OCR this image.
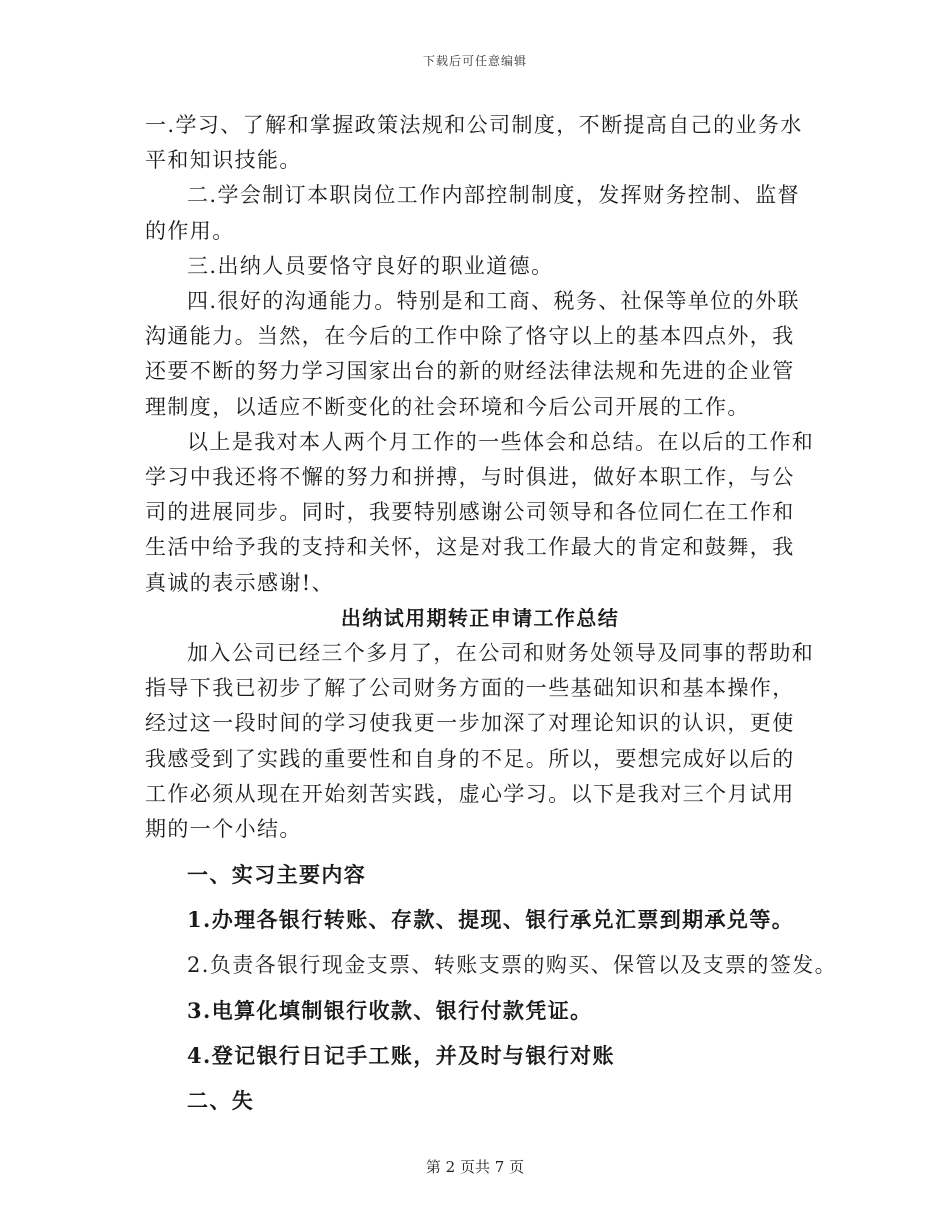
下载后可任意编辑

一.学习、了解和掌握政策法规和公司制度，不断提高自己的业务水平和知识技能。

二.学会制订本职岗位工作内部控制制度，发挥财务控制、监督的作用。

三.出纳人员要恪守良好的职业道德。

四.很好的沟通能力。特别是和工商、税务、社保等单位的外联沟通能力。当然，在今后的工作中除了恪守以上的基本四点外，我还要不断的努力学习国家出台的新的财经法律法规和先进的企业管理制度，以适应不断变化的社会环境和今后公司开展的工作。

以上是我对本人两个月工作的一些体会和总结。在以后的工作和学习中我还将不懈的努力和拼搏，与时俱进，做好本职工作，与公司的进展同步。同时，我要特别感谢公司领导和各位同仁在工作和生活中给予我的支持和关怀，这是对我工作最大的肯定和鼓舞，我真诚的表示感谢!、

出纳试用期转正申请工作总结

加入公司已经三个多月了，在公司和财务处领导及同事的帮助和指导下我已初步了解了公司财务方面的一些基础知识和基本操作，经过这一段时间的学习使我更一步加深了对理论知识的认识，更使我感受到了实践的重要性和自身的不足。所以，要想完成好以后的工作必须从现在开始刻苦实践，虚心学习。以下是我对三个月试用期的一个小结。

一、实习主要内容

1.办理各银行转账、存款、提现、银行承兑汇票到期承兑等。

2.负责各银行现金支票、转账支票的购买、保管以及支票的签发。

3.电算化填制银行收款、银行付款凭证。

4.登记银行日记手工账，并及时与银行对账

二、失

第 2 页共 7 页
